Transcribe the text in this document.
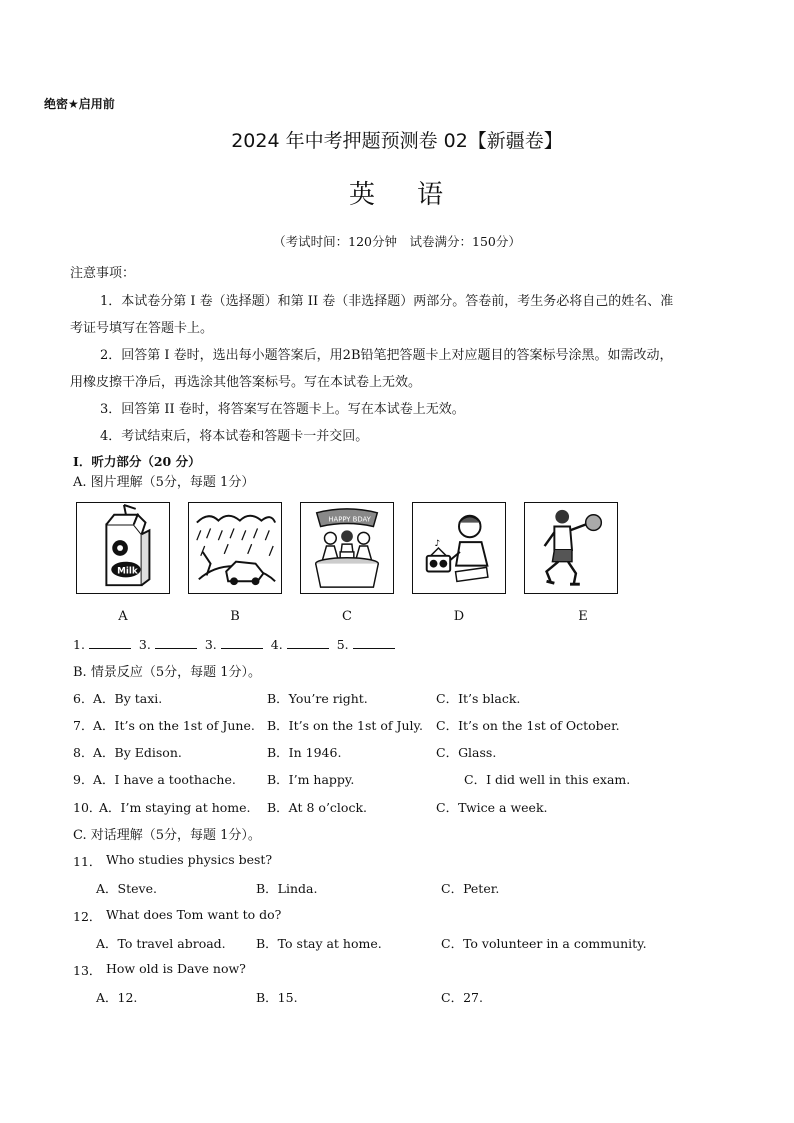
绝密★启用前
2024 年中考押题预测卷 02【新疆卷】
英 语
（考试时间：120分钟　试卷满分：150分）
注意事项：
1．本试卷分第 I 卷（选择题）和第 II 卷（非选择题）两部分。答卷前，考生务必将自己的姓名、准
考证号填写在答题卡上。
2．回答第 I 卷时，选出每小题答案后，用2B铅笔把答题卡上对应题目的答案标号涂黑。如需改动，
用橡皮擦干净后，再选涂其他答案标号。写在本试卷上无效。
3．回答第 II 卷时，将答案写在答题卡上。写在本试卷上无效。
4．考试结束后，将本试卷和答题卡一并交回。
Ⅰ．听力部分（20 分）
A. 图片理解（5分，每题 1分）
Milk
HAPPY BDAY
♪
A	B	C	D	E
1.	3.	3.	4.	5.
B. 情景反应（5分，每题 1分）。
6． A．By taxi.	B．You’re right.	C．It’s black.
7． A．It’s on the 1st of June. B．It’s on the 1st of July. C．It’s on the 1st of October.
8． A．By Edison.	B．In 1946.	C．Glass.
9． A．I have a toothache. B．I’m happy.	C．I did well in this exam.
10．
A．I’m staying at home. B．At 8 o’clock.	C．Twice a week.
C. 对话理解（5分，每题 1分）。
11． Who studies physics best?
A．Steve.	B．Linda.	C．Peter.
12． What does Tom want to do?
A．To travel abroad. B．To stay at home.	C．To volunteer in a community.
13． How old is Dave now?
A．12.	B．15.	C．27.
